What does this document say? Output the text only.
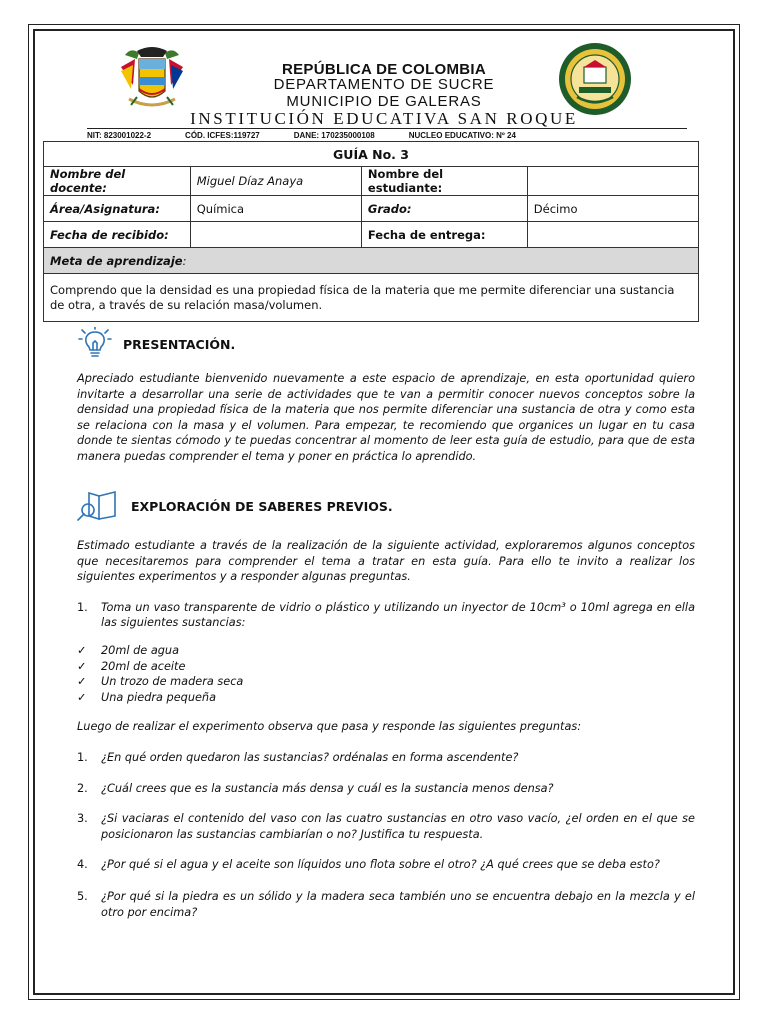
REPÚBLICA DE COLOMBIA
DEPARTAMENTO DE SUCRE
MUNICIPIO DE GALERAS
INSTITUCIÓN EDUCATIVA SAN ROQUE
NIT: 823001022-2	CÓD. ICFES:119727	DANE: 170235000108	NUCLEO EDUCATIVO: Nº 24
GUÍA No. 3			
Nombre del docente:	Miguel Díaz Anaya	Nombre del estudiante:	
Área/Asignatura:	Química	Grado:	Décimo
Fecha de recibido:		Fecha de entrega:	
Meta de aprendizaje:			
Comprendo que la densidad es una propiedad física de la materia que me permite diferenciar una sustancia de otra, a través de su relación masa/volumen.			
PRESENTACIÓN.

Apreciado estudiante bienvenido nuevamente a este espacio de aprendizaje, en esta oportunidad quiero invitarte a desarrollar una serie de actividades que te van a permitir conocer nuevos conceptos sobre la densidad una propiedad física de la materia que nos permite diferenciar una sustancia de otra y como esta se relaciona con la masa y el volumen. Para empezar, te recomiendo que organices un lugar en tu casa donde te sientas cómodo y te puedas concentrar al momento de leer esta guía de estudio, para que de esta manera puedas comprender el tema y poner en práctica lo aprendido.

EXPLORACIÓN DE SABERES PREVIOS.

Estimado estudiante a través de la realización de la siguiente actividad, exploraremos algunos conceptos que necesitaremos para comprender el tema a tratar en esta guía. Para ello te invito a realizar los siguientes experimentos y a responder algunas preguntas.

1.	Toma un vaso transparente de vidrio o plástico y utilizando un inyector de 10cm³ o 10ml agrega en ella las siguientes sustancias:
✓	20ml de agua
✓	20ml de aceite
✓	Un trozo de madera seca
✓	Una piedra pequeña

Luego de realizar el experimento observa que pasa y responde las siguientes preguntas:

1.	¿En qué orden quedaron las sustancias? ordénalas en forma ascendente?
2.	¿Cuál crees que es la sustancia más densa y cuál es la sustancia menos densa?
3.	¿Si vaciaras el contenido del vaso con las cuatro sustancias en otro vaso vacío, ¿el orden en el que se posicionaron las sustancias cambiarían o no? Justifica tu respuesta.
4.	¿Por qué si el agua y el aceite son líquidos uno flota sobre el otro? ¿A qué crees que se deba esto?
5.	¿Por qué si la piedra es un sólido y la madera seca también uno se encuentra debajo en la mezcla y el otro por encima?
